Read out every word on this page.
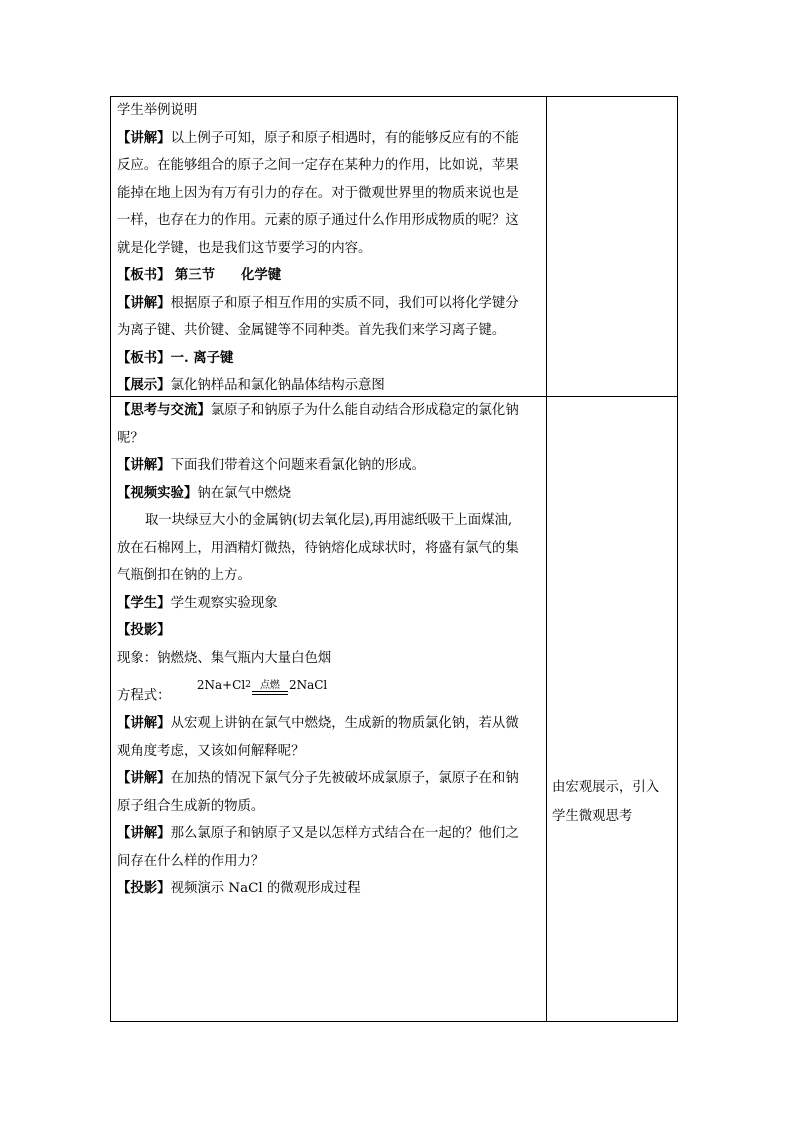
学生举例说明
【讲解】以上例子可知，原子和原子相遇时，有的能够反应有的不能
反应。在能够组合的原子之间一定存在某种力的作用，比如说，苹果
能掉在地上因为有万有引力的存在。对于微观世界里的物质来说也是
一样，也存在力的作用。元素的原子通过什么作用形成物质的呢？这
就是化学键，也是我们这节要学习的内容。
【板书】 第三节 化学键
【讲解】根据原子和原子相互作用的实质不同，我们可以将化学键分
为离子键、共价键、金属键等不同种类。首先我们来学习离子键。
【板书】一. 离子键
【展示】氯化钠样品和氯化钠晶体结构示意图
【思考与交流】氯原子和钠原子为什么能自动结合形成稳定的氯化钠
呢？
【讲解】下面我们带着这个问题来看氯化钠的形成。
【视频实验】钠在氯气中燃烧
取一块绿豆大小的金属钠(切去氧化层),再用滤纸吸干上面煤油,
放在石棉网上，用酒精灯微热，待钠熔化成球状时，将盛有氯气的集
气瓶倒扣在钠的上方。
【学生】学生观察实验现象
【投影】
现象：钠燃烧、集气瓶内大量白色烟
方程式：
2Na+Cl 2 点燃 2NaCl
【讲解】从宏观上讲钠在氯气中燃烧，生成新的物质氯化钠，若从微
观角度考虑，又该如何解释呢？
【讲解】在加热的情况下氯气分子先被破坏成氯原子，氯原子在和钠
原子组合生成新的物质。
【讲解】那么氯原子和钠原子又是以怎样方式结合在一起的？他们之
间存在什么样的作用力？
【投影】视频演示 NaCl 的微观形成过程
由宏观展示，引入
学生微观思考
